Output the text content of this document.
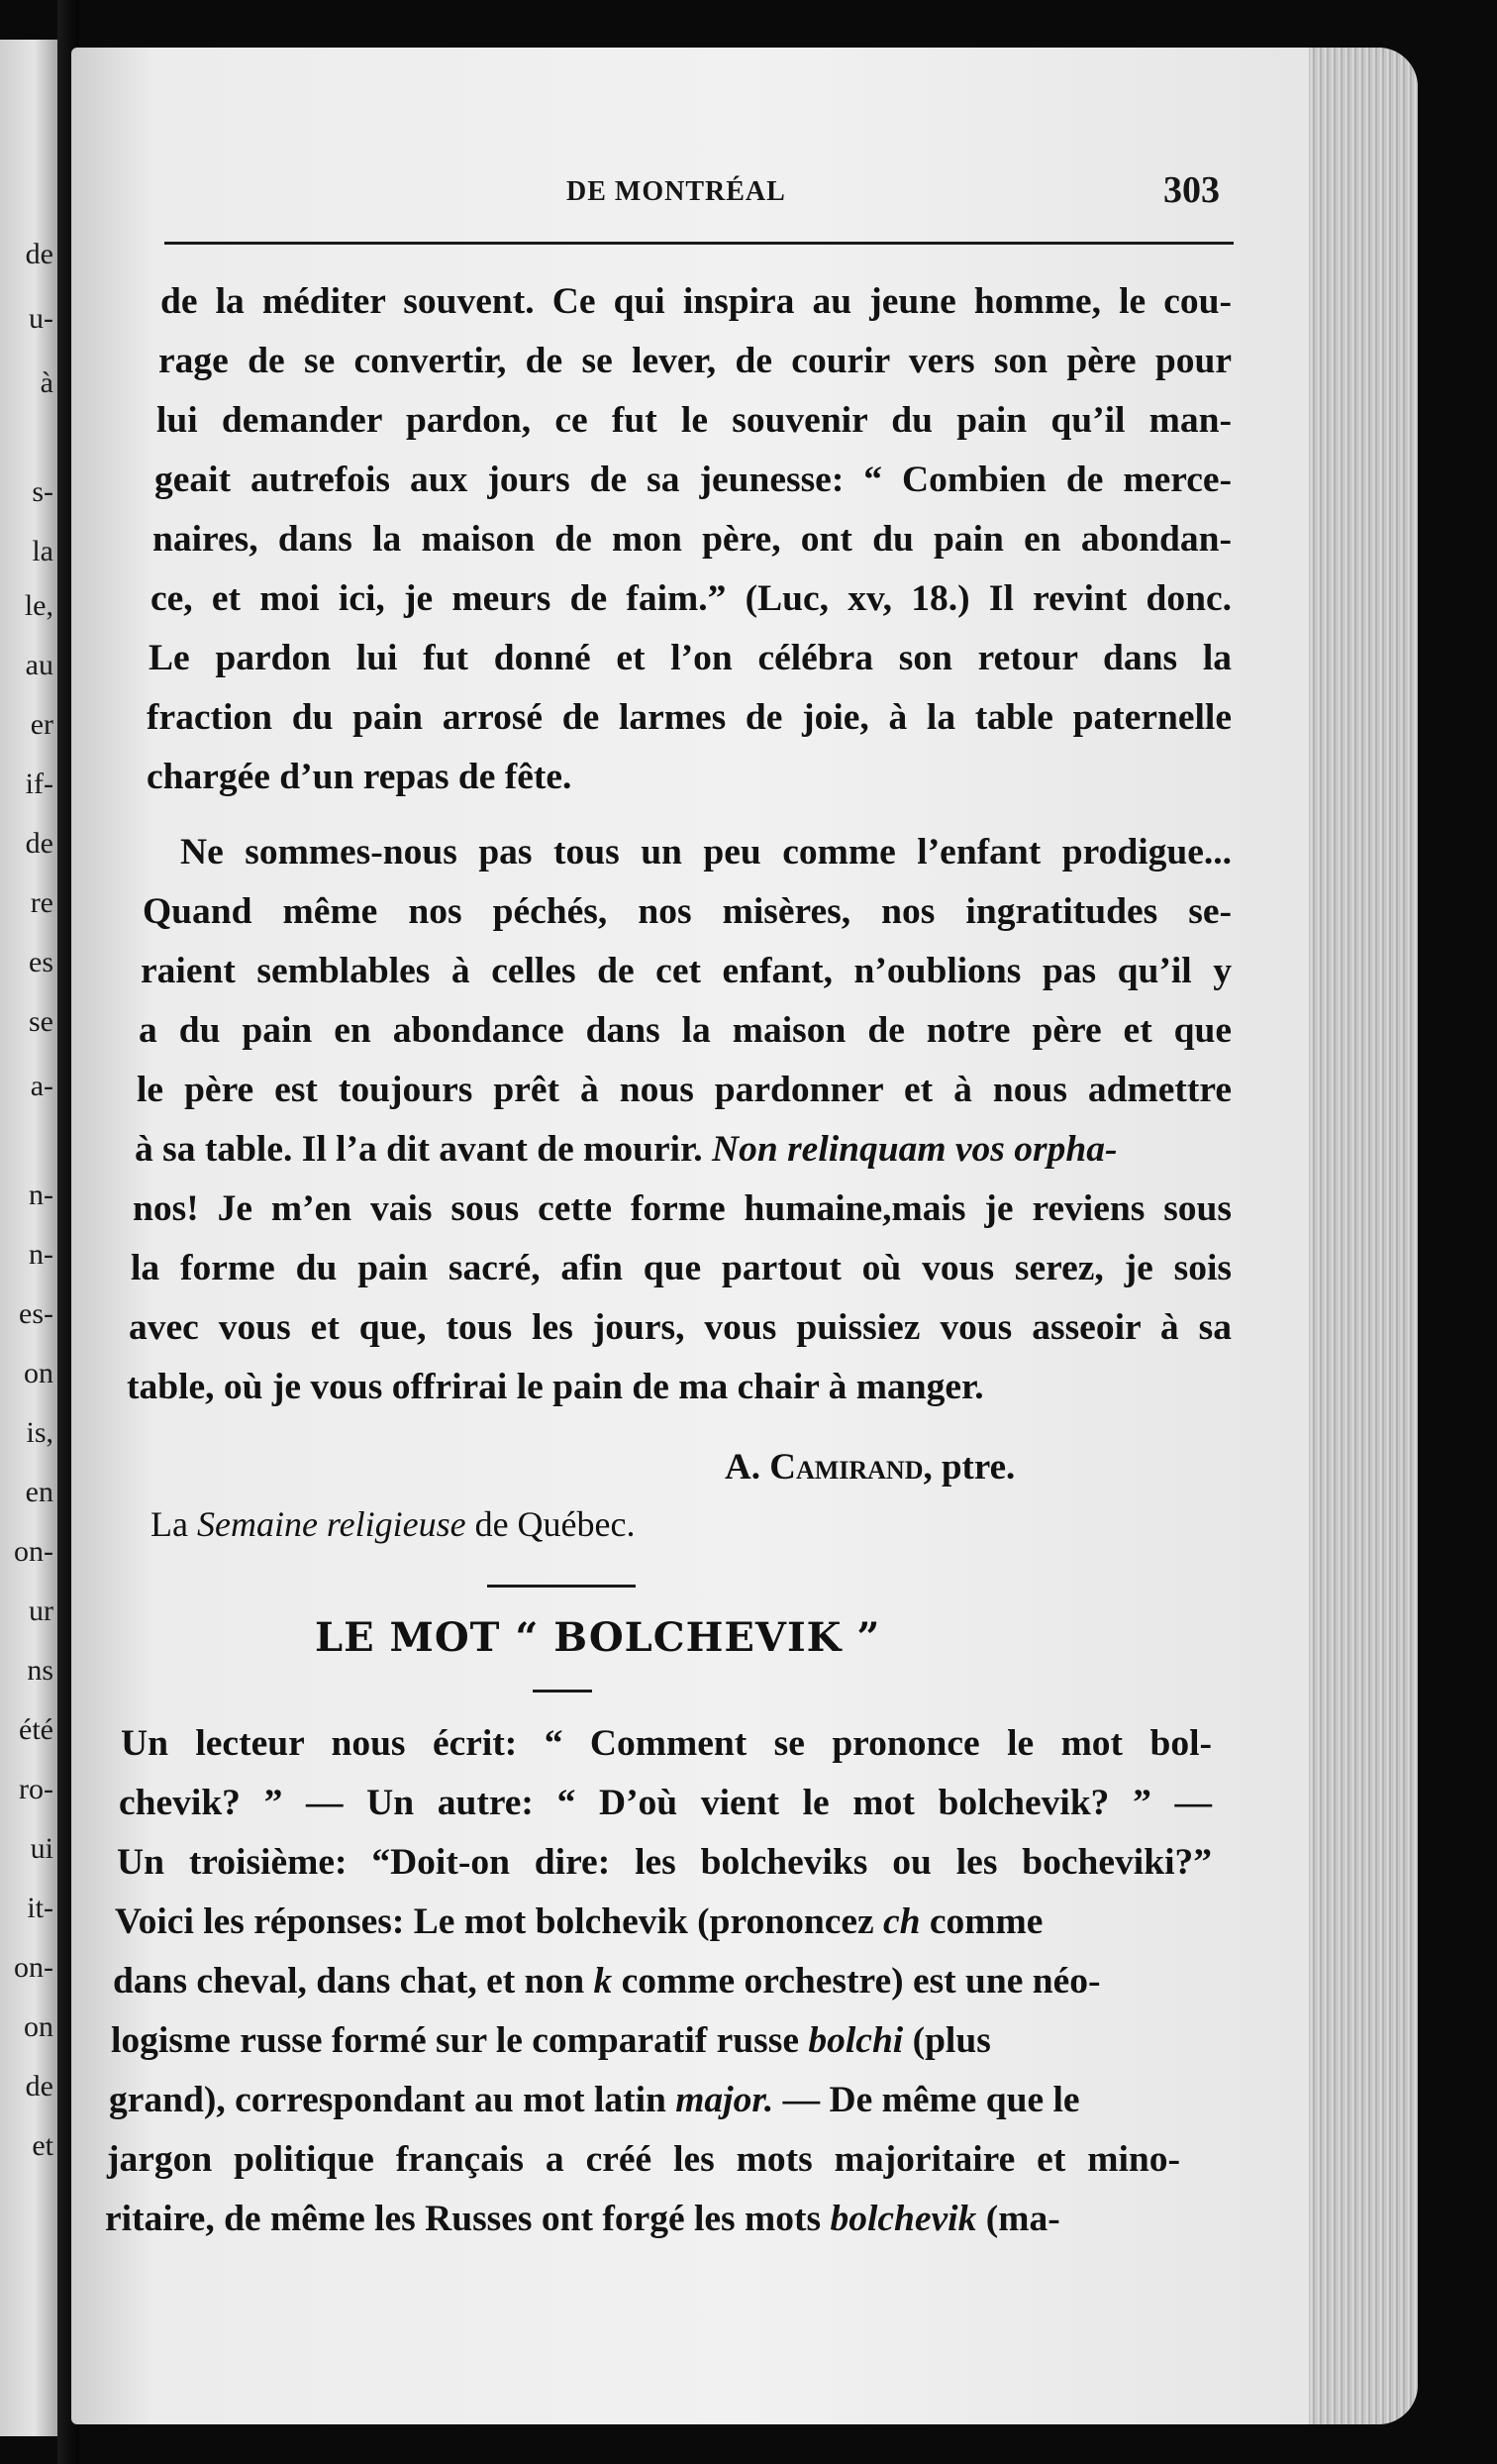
de
u-
à
s-
la
le,
au
er
if-
de
re
es
se
a-
n-
n-
es-
on
is,
en
on-
ur
ns
été
ro-
ui
it-
on-
on
de
et
DE MONTRÉAL	303
de la méditer souvent. Ce qui inspira au jeune homme, le cou-
rage de se convertir, de se lever, de courir vers son père pour
lui demander pardon, ce fut le souvenir du pain qu’il man-
geait autrefois aux jours de sa jeunesse: “ Combien de merce-
naires, dans la maison de mon père, ont du pain en abondan-
ce, et moi ici, je meurs de faim.” (Luc, xv, 18.) Il revint donc.
Le pardon lui fut donné et l’on célébra son retour dans la
fraction du pain arrosé de larmes de joie, à la table paternelle
chargée d’un repas de fête.
Ne sommes-nous pas tous un peu comme l’enfant prodigue...
Quand même nos péchés, nos misères, nos ingratitudes se-
raient semblables à celles de cet enfant, n’oublions pas qu’il y
a du pain en abondance dans la maison de notre père et que
le père est toujours prêt à nous pardonner et à nous admettre
à sa table. Il l’a dit avant de mourir. Non relinquam vos orpha-
nos! Je m’en vais sous cette forme humaine,mais je reviens sous
la forme du pain sacré, afin que partout où vous serez, je sois
avec vous et que, tous les jours, vous puissiez vous asseoir à sa
table, où je vous offrirai le pain de ma chair à manger.
A. Camirand, ptre.
La Semaine religieuse de Québec.
LE MOT “ BOLCHEVIK ”
Un lecteur nous écrit: “ Comment se prononce le mot bol-
chevik? ” — Un autre: “ D’où vient le mot bolchevik? ” —
Un troisième: “Doit-on dire: les bolcheviks ou les bocheviki?”
Voici les réponses: Le mot bolchevik (prononcez ch comme
dans cheval, dans chat, et non k comme orchestre) est une néo-
logisme russe formé sur le comparatif russe bolchi (plus
grand), correspondant au mot latin major. — De même que le
jargon politique français a créé les mots majoritaire et mino-
ritaire, de même les Russes ont forgé les mots bolchevik (ma-
